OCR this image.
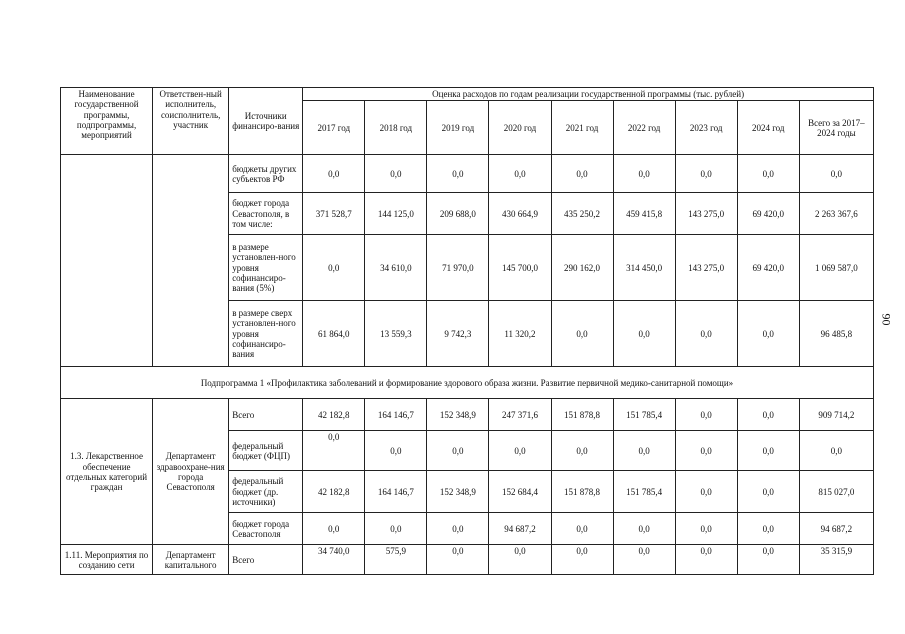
Наименование государственной программы, подпрограммы, мероприятий	Ответствен-ный исполнитель, соисполнитель, участник	Источники финансиро-вания	Оценка расходов по годам реализации государственной программы (тыс. рублей)								
			2017 год	2018 год	2019 год	2020 год	2021 год	2022 год	2023 год	2024 год	Всего за 2017–2024 годы
		бюджеты других субъектов РФ	0,0	0,0	0,0	0,0	0,0	0,0	0,0	0,0	0,0
		бюджет города Севастополя, в том числе:	371 528,7	144 125,0	209 688,0	430 664,9	435 250,2	459 415,8	143 275,0	69 420,0	2 263 367,6
		в размере установлен-ного уровня софинансиро-вания (5%)	0,0	34 610,0	71 970,0	145 700,0	290 162,0	314 450,0	143 275,0	69 420,0	1 069 587,0
		в размере сверх установлен-ного уровня софинансиро-вания	61 864,0	13 559,3	9 742,3	11 320,2	0,0	0,0	0,0	0,0	96 485,8
Подпрограмма 1 «Профилактика заболеваний и формирование здорового образа жизни. Развитие первичной медико-санитарной помощи»											
1.3. Лекарственное обеспечение отдельных категорий граждан	Департамент здравоохране-ния города Севастополя	Всего	42 182,8	164 146,7	152 348,9	247 371,6	151 878,8	151 785,4	0,0	0,0	909 714,2
		федеральный бюджет (ФЦП)	0,0	0,0	0,0	0,0	0,0	0,0	0,0	0,0	0,0
		федеральный бюджет (др. источники)	42 182,8	164 146,7	152 348,9	152 684,4	151 878,8	151 785,4	0,0	0,0	815 027,0
		бюджет города Севастополя	0,0	0,0	0,0	94 687,2	0,0	0,0	0,0	0,0	94 687,2
1.11. Мероприятия по созданию сети	Департамент капитального	Всего	34 740,0	575,9	0,0	0,0	0,0	0,0	0,0	0,0	35 315,9
90
